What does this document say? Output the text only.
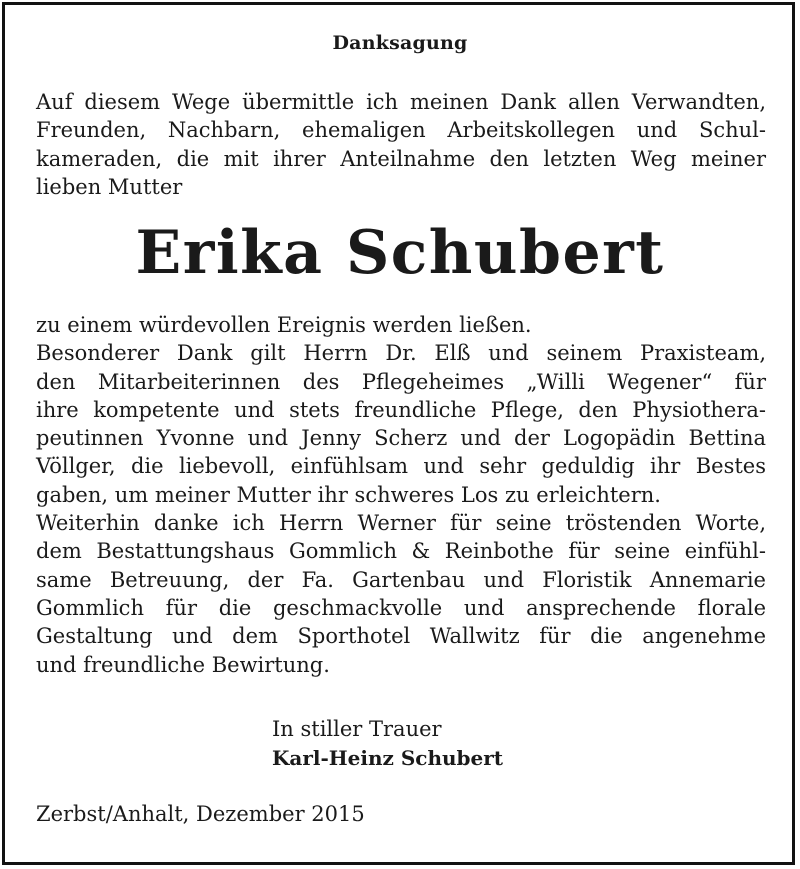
Danksagung
Auf diesem Wege übermittle ich meinen Dank allen Verwandten,
Freunden, Nachbarn, ehemaligen Arbeitskollegen und Schul-
kameraden, die mit ihrer Anteilnahme den letzten Weg meiner
lieben Mutter
Erika Schubert
zu einem würdevollen Ereignis werden ließen.
Besonderer Dank gilt Herrn Dr. Elß und seinem Praxisteam,
den Mitarbeiterinnen des Pflegeheimes „Willi Wegener“ für
ihre kompetente und stets freundliche Pflege, den Physiothera-
peutinnen Yvonne und Jenny Scherz und der Logopädin Bettina
Völlger, die liebevoll, einfühlsam und sehr geduldig ihr Bestes
gaben, um meiner Mutter ihr schweres Los zu erleichtern.
Weiterhin danke ich Herrn Werner für seine tröstenden Worte,
dem Bestattungshaus Gommlich & Reinbothe für seine einfühl-
same Betreuung, der Fa. Gartenbau und Floristik Annemarie
Gommlich für die geschmackvolle und ansprechende florale
Gestaltung und dem Sporthotel Wallwitz für die angenehme
und freundliche Bewirtung.
In stiller Trauer
Karl-Heinz Schubert
Zerbst/Anhalt, Dezember 2015
